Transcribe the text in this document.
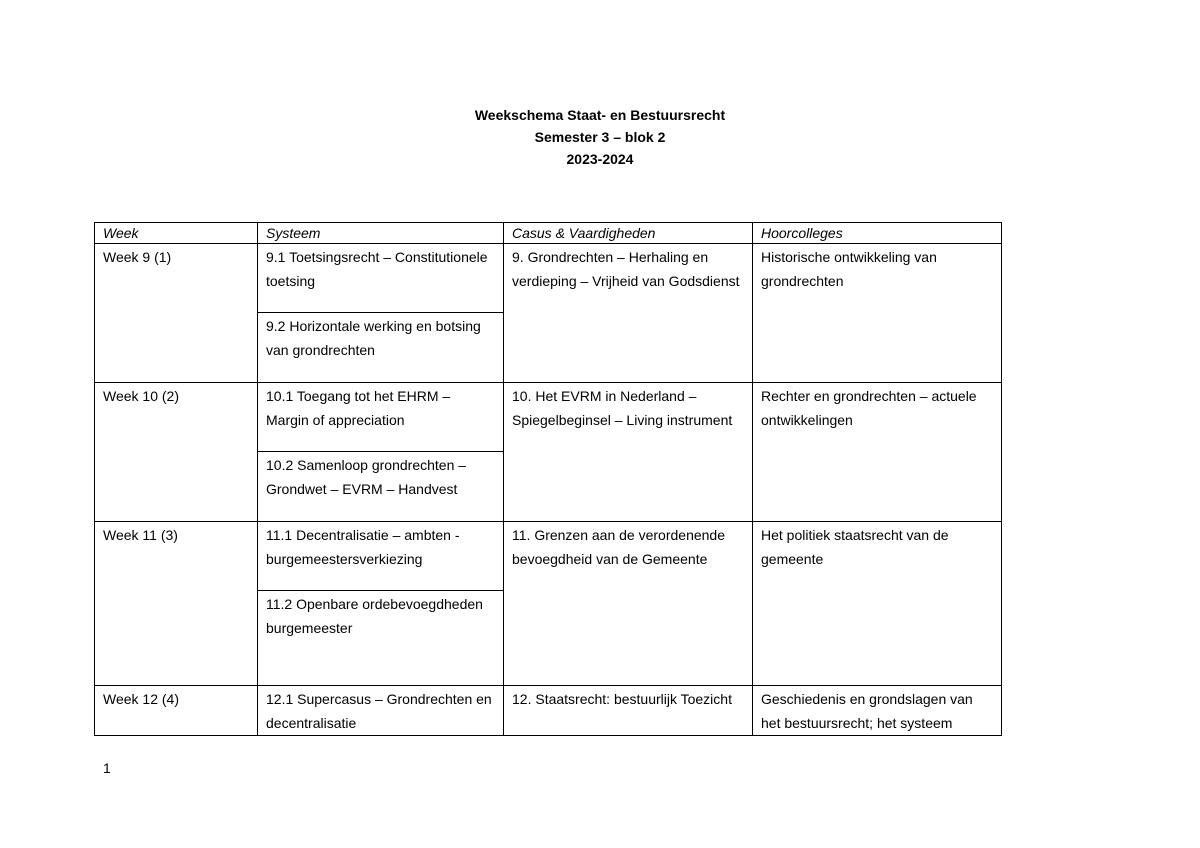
Weekschema Staat- en Bestuursrecht
Semester 3 – blok 2
2023-2024
Week	Systeem	Casus & Vaardigheden	Hoorcolleges
Week 9 (1)	9.1 Toetsingsrecht – Constitutionele toetsing	9. Grondrechten – Herhaling en verdieping – Vrijheid van Godsdienst	Historische ontwikkeling van grondrechten
	9.2 Horizontale werking en botsing van grondrechten		
Week 10 (2)	10.1 Toegang tot het EHRM – Margin of appreciation	10. Het EVRM in Nederland – Spiegelbeginsel – Living instrument	Rechter en grondrechten – actuele ontwikkelingen
	10.2 Samenloop grondrechten – Grondwet – EVRM – Handvest		
Week 11 (3)	11.1 Decentralisatie – ambten - burgemeestersverkiezing	11. Grenzen aan de verordenende bevoegdheid van de Gemeente	Het politiek staatsrecht van de gemeente
	11.2 Openbare ordebevoegdheden burgemeester		
Week 12 (4)	12.1 Supercasus – Grondrechten en decentralisatie	12. Staatsrecht: bestuurlijk Toezicht	Geschiedenis en grondslagen van het bestuursrecht; het systeem
1
